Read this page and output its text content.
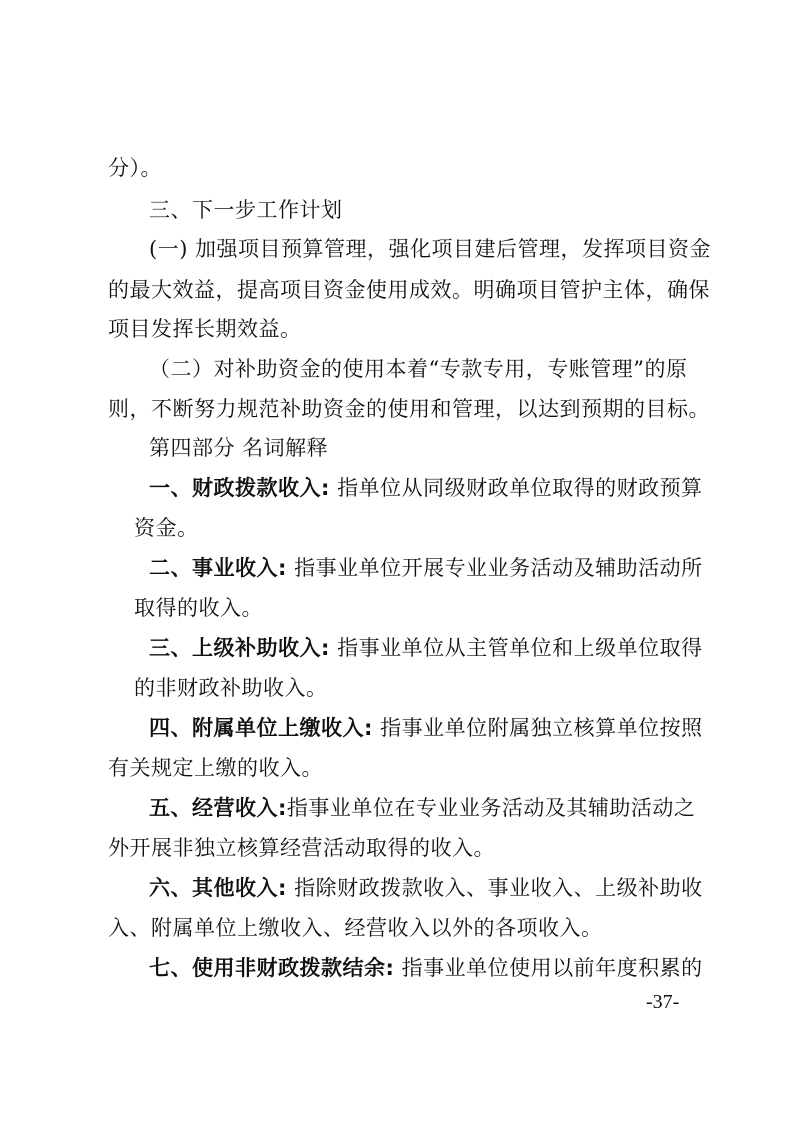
分）。
三、下一步工作计划
(一) 加强项目预算管理，强化项目建后管理，发挥项目资金
的最大效益，提高项目资金使用成效。明确项目管护主体，确保
项目发挥长期效益。
（二）对补助资金的使用本着“专款专用，专账管理”的原
则，不断努力规范补助资金的使用和管理，以达到预期的目标。
第四部分 名词解释
一、财政拨款收入: 指单位从同级财政单位取得的财政预算
资金。
二、事业收入: 指事业单位开展专业业务活动及辅助活动所
取得的收入。
三、上级补助收入: 指事业单位从主管单位和上级单位取得
的非财政补助收入。
四、附属单位上缴收入: 指事业单位附属独立核算单位按照
有关规定上缴的收入。
五、经营收入:指事业单位在专业业务活动及其辅助活动之
外开展非独立核算经营活动取得的收入。
六、其他收入: 指除财政拨款收入、事业收入、上级补助收
入、附属单位上缴收入、经营收入以外的各项收入。
七、使用非财政拨款结余: 指事业单位使用以前年度积累的
-37-
